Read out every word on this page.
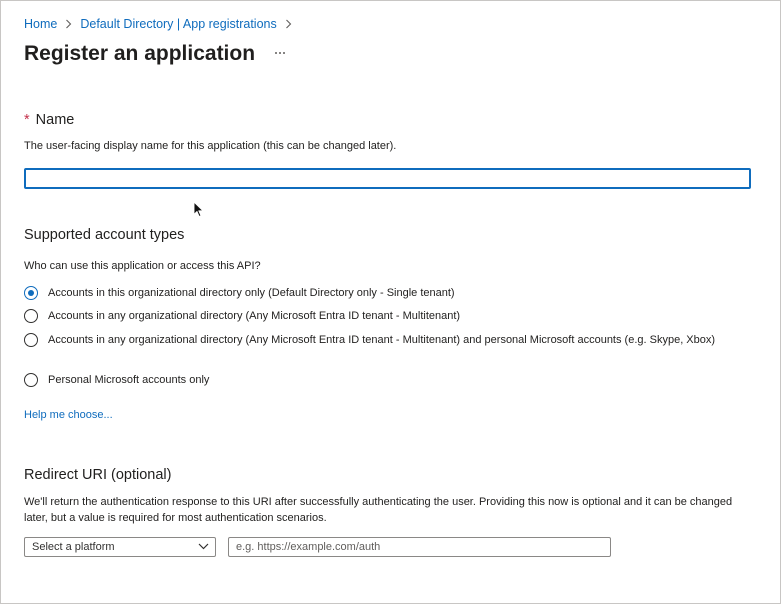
Home Default Directory | App registrations
Register an application
* Name
The user-facing display name for this application (this can be changed later).
Supported account types
Who can use this application or access this API?
Accounts in this organizational directory only (Default Directory only - Single tenant)
Accounts in any organizational directory (Any Microsoft Entra ID tenant - Multitenant)
Accounts in any organizational directory (Any Microsoft Entra ID tenant - Multitenant) and personal Microsoft accounts (e.g. Skype, Xbox)
Personal Microsoft accounts only
Help me choose...
Redirect URI (optional)
We'll return the authentication response to this URI after successfully authenticating the user. Providing this now is optional and it can be changed later, but a value is required for most authentication scenarios.
Select a platform
e.g. https://example.com/auth
